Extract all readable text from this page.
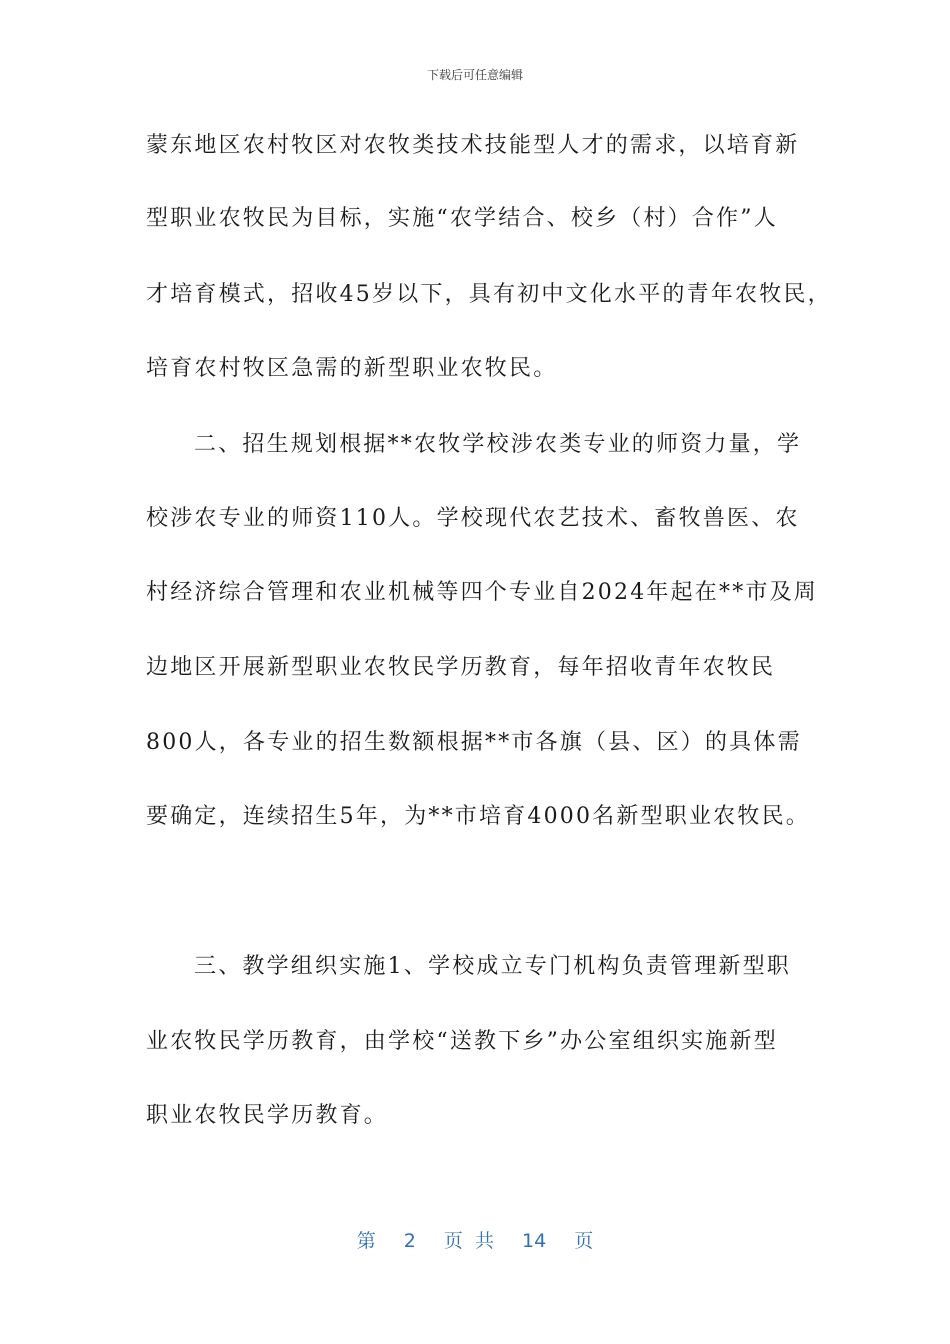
下载后可任意编辑
蒙东地区农村牧区对农牧类技术技能型人才的需求，以培育新
型职业农牧民为目标，实施“农学结合、校乡（村）合作”人
才培育模式，招收45岁以下，具有初中文化水平的青年农牧民，
培育农村牧区急需的新型职业农牧民。
二、招生规划根据**农牧学校涉农类专业的师资力量，学
校涉农专业的师资110人。学校现代农艺技术、畜牧兽医、农
村经济综合管理和农业机械等四个专业自2024年起在**市及周
边地区开展新型职业农牧民学历教育，每年招收青年农牧民
800人，各专业的招生数额根据**市各旗（县、区）的具体需
要确定，连续招生5年，为**市培育4000名新型职业农牧民。
三、教学组织实施1、学校成立专门机构负责管理新型职
业农牧民学历教育，由学校“送教下乡”办公室组织实施新型
职业农牧民学历教育。
第 2 页 共 14 页
